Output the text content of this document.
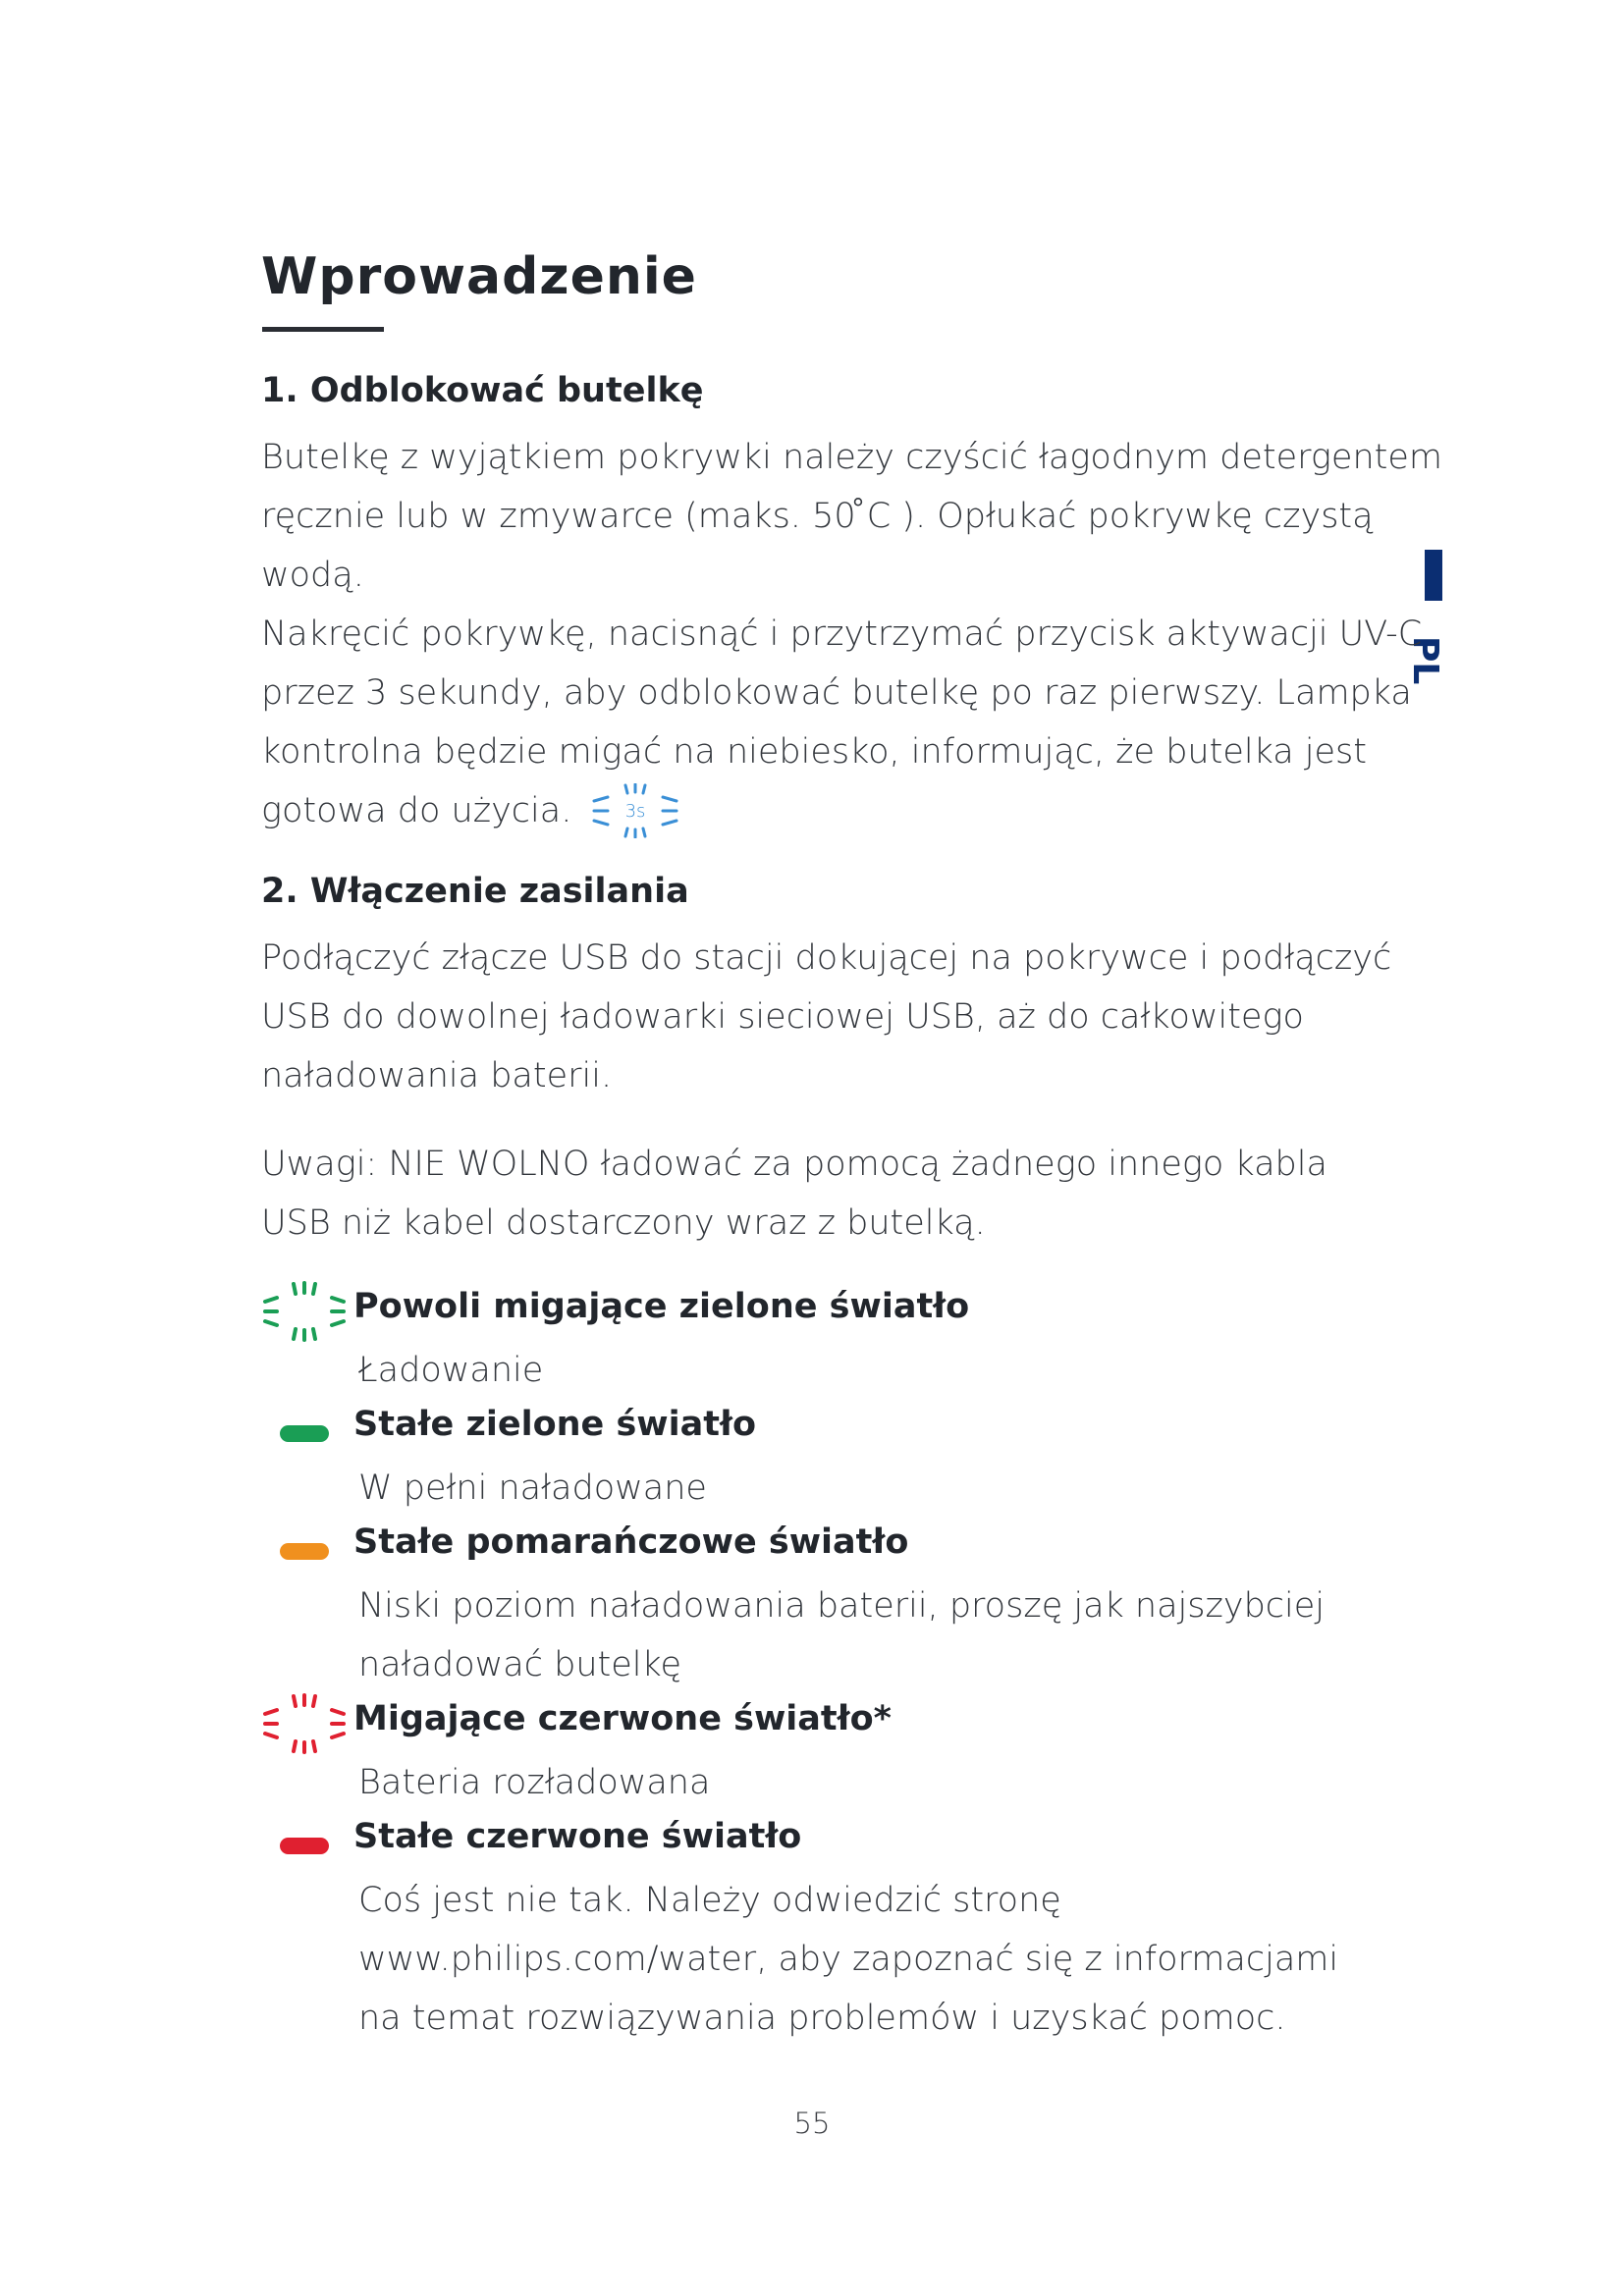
PL
Wprowadzenie
1. Odblokować butelkę
Butelkę z wyjątkiem pokrywki należy czyścić łagodnym detergentem
ręcznie lub w zmywarce (maks. 50 ̊C ). Opłukać pokrywkę czystą
wodą.
Nakręcić pokrywkę, nacisnąć i przytrzymać przycisk aktywacji UV-C
przez 3 sekundy, aby odblokować butelkę po raz pierwszy. Lampka
kontrolna będzie migać na niebiesko, informując, że butelka jest
gotowa do użycia.	3s
2. Włączenie zasilania
Podłączyć złącze USB do stacji dokującej na pokrywce i podłączyć
USB do dowolnej ładowarki sieciowej USB, aż do całkowitego
naładowania baterii.
Uwagi: NIE WOLNO ładować za pomocą żadnego innego kabla
USB niż kabel dostarczony wraz z butelką.
Powoli migające zielone światło
Ładowanie
Stałe zielone światło
W pełni naładowane
Stałe pomarańczowe światło
Niski poziom naładowania baterii, proszę jak najszybciej
naładować butelkę
Migające czerwone światło*
Bateria rozładowana
Stałe czerwone światło
Coś jest nie tak. Należy odwiedzić stronę
www.philips.com/water, aby zapoznać się z informacjami
na temat rozwiązywania problemów i uzyskać pomoc.
55
